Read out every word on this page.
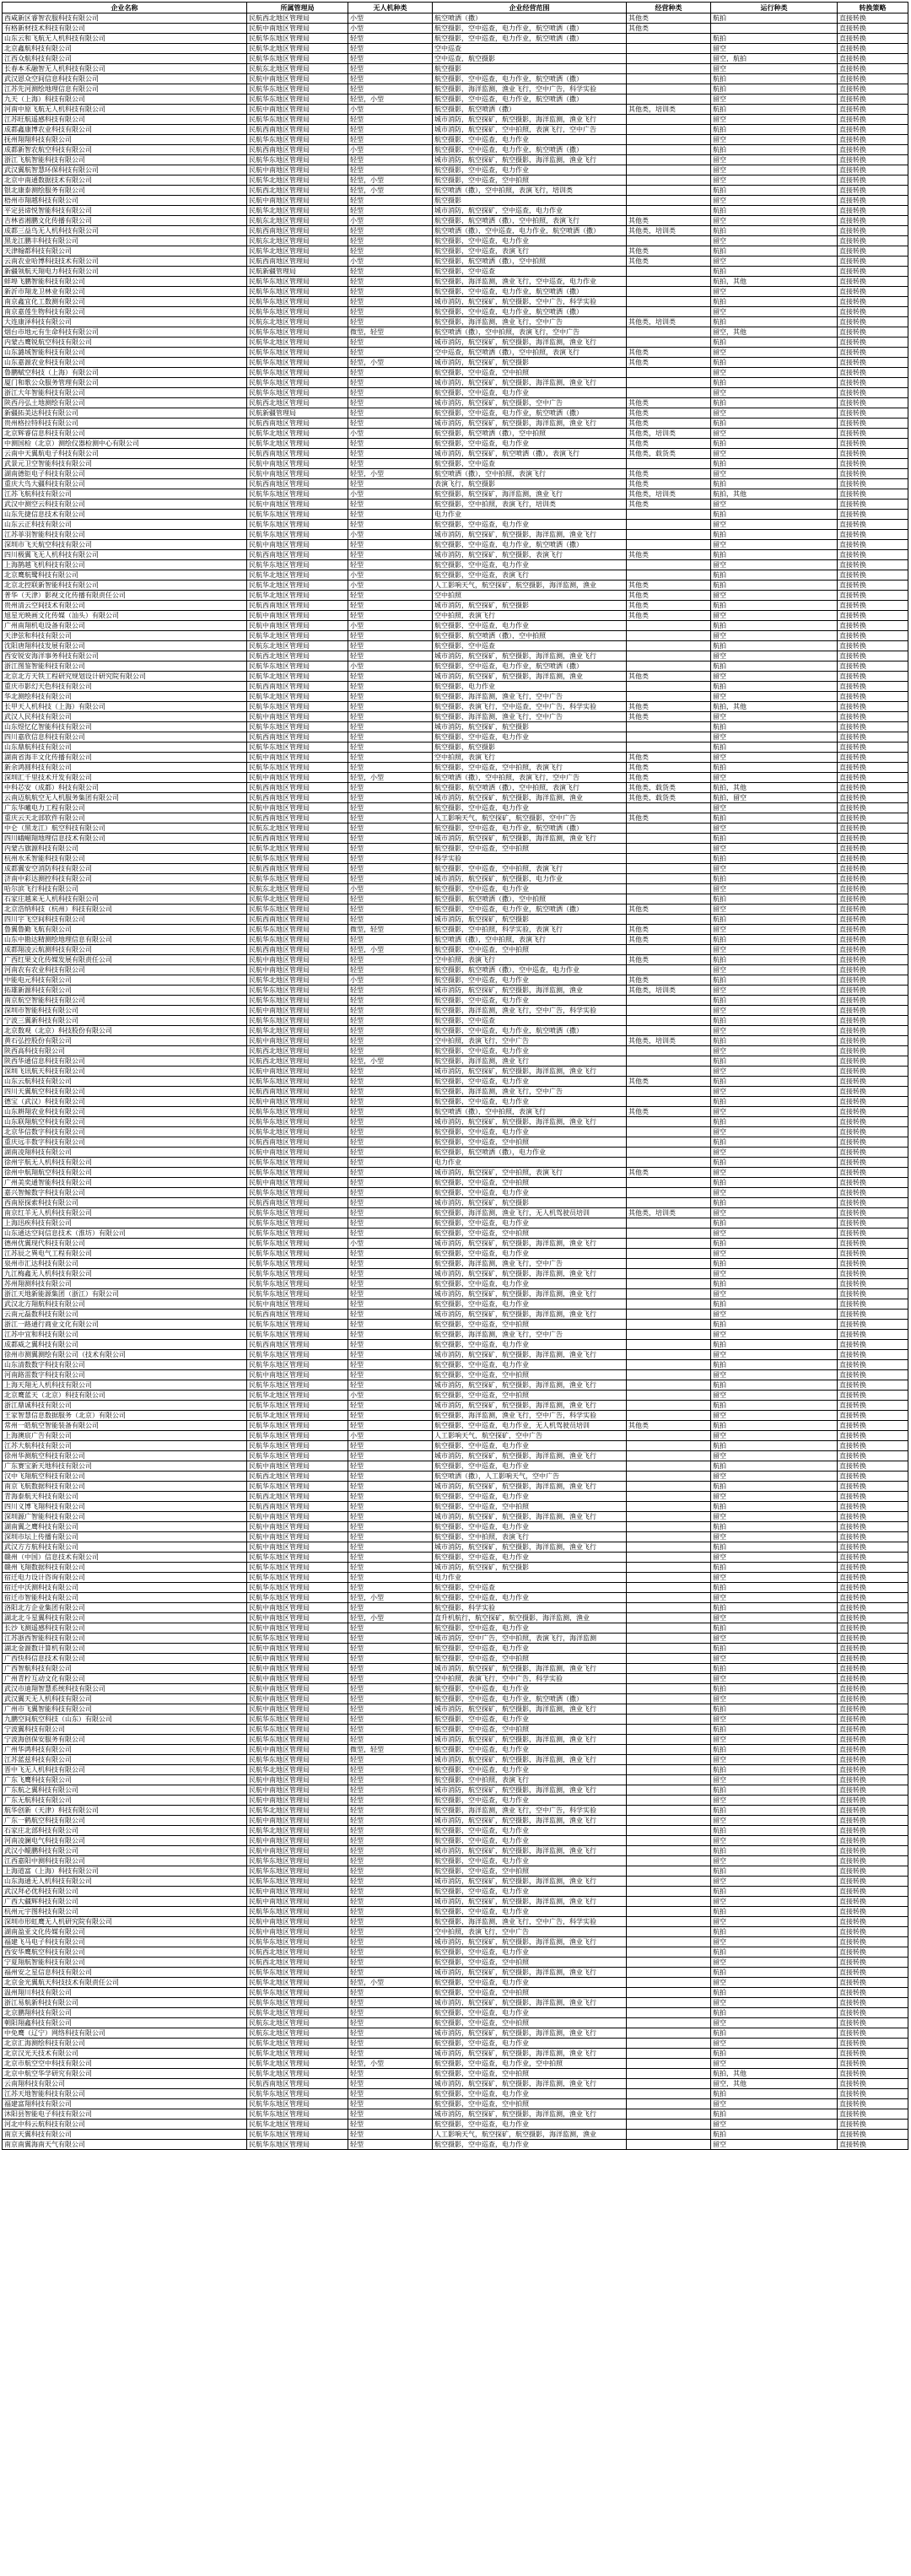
企业名称	所属管理局	无人机种类	企业经营范围	经营种类	运行种类	转换策略
西咸新区睿智农服科技有限公司	民航西北地区管理局	小型	航空喷洒（撒）	其他类	航拍	直接转换
有格新材技术科技有限公司	民航中南地区管理局	小型	航空摄影，空中巡查，电力作业，航空喷洒（撒）	其他类		直接转换
山东云和飞航无人机科技有限公司	民航华东地区管理局	轻型	航空摄影，空中巡查，电力作业，航空喷洒（撒）		航拍	直接转换
北京鑫航科技有限公司	民航华北地区管理局	轻型	空中巡查		留空	直接转换
江西众航科技有限公司	民航华东地区管理局	轻型	空中巡查，航空摄影		留空，航拍	直接转换
长春本禾融智无人机科技有限公司	民航东北地区管理局	轻型	航空摄影		留空	直接转换
武汉恩众空间信息科技有限公司	民航中南地区管理局	轻型	航空摄影，空中巡查，电力作业，航空喷洒（撒）		航拍	直接转换
江苏先河测绘地理信息有限公司	民航华东地区管理局	轻型	航空摄影，海洋监测，渔业飞行，空中广告，科学实验		航拍	直接转换
九天（上海）科技有限公司	民航华东地区管理局	轻型，小型	航空摄影，空中巡查，电力作业，航空喷洒（撒）		留空	直接转换
河南中原飞航无人机科技有限公司	民航中南地区管理局	小型	航空摄影，航空喷洒（撒）	其他类，培训类	航拍	直接转换
江苏旺航遥感科技有限公司	民航华东地区管理局	轻型	城市消防，航空探矿，航空摄影，海洋监测，渔业飞行		留空	直接转换
成都鑫康博农业科技有限公司	民航西南地区管理局	轻型	城市消防，航空探矿，空中拍照，表演飞行，空中广告		航拍	直接转换
抚州翔翔科技有限公司	民航华东地区管理局	轻型	航空摄影，空中巡查，电力作业		留空	直接转换
成都新智农航空科技有限公司	民航西南地区管理局	小型	航空摄影，空中巡查，电力作业，航空喷洒（撒）		航拍	直接转换
浙江飞航智能科技有限公司	民航华东地区管理局	轻型	城市消防，航空探矿，航空摄影，海洋监测，渔业飞行		留空	直接转换
武汉翼航智慧环保科技有限公司	民航中南地区管理局	轻型	航空摄影，空中巡查，电力作业		留空	直接转换
北京中南通数据技术有限公司	民航华北地区管理局	轻型，小型	航空摄影，空中巡查，空中拍照		留空	直接转换
银北康泰测绘服务有限公司	民航西北地区管理局	轻型，小型	航空喷洒（撒），空中拍照，表演飞行，培训类		航拍	直接转换
梧州市翔越科技有限公司	民航中南地区管理局	轻型	航空摄影		留空	直接转换
平定县谛悦智能科技有限公司	民航华北地区管理局	轻型	城市消防，航空探矿，空中巡查，电力作业		航拍	直接转换
吉林省湘鹏文化传播有限公司	民航东北地区管理局	小型	航空摄影，航空喷洒（撒），空中拍照，表演飞行	其他类	留空	直接转换
成都三益鸟无人机科技有限公司	民航西南地区管理局	轻型	航空喷洒（撒），空中巡查，电力作业，航空喷洒（撒）	其他类，培训类	航拍	直接转换
黑龙江鹏丰科技有限公司	民航东北地区管理局	轻型	航空摄影，空中巡查，电力作业		留空	直接转换
天津翰都科技有限公司	民航华北地区管理局	轻型	航空摄影，空中巡查，表演飞行	其他类	航拍	直接转换
云南农业哈博科技技术有限公司	民航西南地区管理局	小型	航空摄影，航空喷洒（撒），空中拍照	其他类	留空	直接转换
新疆领航天翔电力科技有限公司	民航新疆管理局	轻型	航空摄影，空中巡查		航拍	直接转换
蚌埠飞鹏智能科技有限公司	民航华东地区管理局	轻型	航空摄影，海洋监测，渔业飞行，空中巡查，电力作业		航拍，其他	直接转换
新沂市翔龙卫林业有限公司	民航华东地区管理局	轻型	航空摄影，空中巡查，电力作业，航空喷洒（撒）		留空	直接转换
南京鑫宜化工数测有限公司	民航华东地区管理局	轻型	城市消防，航空探矿，航空摄影，空中广告，科学实验		航拍	直接转换
南京嘉莲生物科技有限公司	民航华东地区管理局	轻型	航空摄影，空中巡查，电力作业，航空喷洒（撒）		留空	直接转换
大连康泽科技有限公司	民航东北地区管理局	轻型	航空摄影，海洋监测，渔业飞行，空中广告	其他类，培训类	航拍	直接转换
烟台市地元有生命科技有限公司	民航华东地区管理局	微型，轻型	航空喷洒（撒），空中拍照，表演飞行，空中广告		留空，其他	直接转换
内蒙古鹰锐航空科技有限公司	民航华北地区管理局	轻型	城市消防，航空探矿，航空摄影，海洋监测，渔业飞行		航拍	直接转换
山东潞域智能科技有限公司	民航华东地区管理局	轻型	空中巡查，航空喷洒（撒），空中拍照，表演飞行	其他类	留空	直接转换
山东嘉源农业科技有限公司	民航华东地区管理局	轻型，小型	城市消防，航空探矿，航空摄影	其他类	航拍	直接转换
鲁鹏赋空科技（上海）有限公司	民航华东地区管理局	轻型	航空摄影，空中巡查，空中拍照		留空	直接转换
厦门和歌公众服务管理有限公司	民航华东地区管理局	轻型	城市消防，航空探矿，航空摄影，海洋监测，渔业飞行		航拍	直接转换
浙江大年智能科技有限公司	民航华东地区管理局	轻型	航空摄影，空中巡查，电力作业		留空	直接转换
陕西丹弘土地测绘有限公司	民航西北地区管理局	轻型	城市消防，航空探矿，航空摄影，空中广告	其他类	航拍	直接转换
新疆拓美达科技有限公司	民航新疆管理局	轻型	航空摄影，空中巡查，电力作业，航空喷洒（撒）	其他类	留空	直接转换
贵州格拉特科技有限公司	民航西南地区管理局	轻型	城市消防，航空探矿，航空摄影，海洋监测，渔业飞行	其他类	航拍	直接转换
北京辉睿信息科技有限公司	民航华北地区管理局	小型	航空摄影，航空喷洒（撒），空中拍照	其他类，培训类	留空	直接转换
中测国检（北京）测绘仪器检测中心有限公司	民航华北地区管理局	轻型	航空摄影，空中巡查，电力作业	其他类	航拍	直接转换
云南中天翼航电子科技有限公司	民航西南地区管理局	轻型	城市消防，航空探矿，航空喷洒（撒），表演飞行	其他类，载货类	留空	直接转换
武景元卫空智能科技有限公司	民航中南地区管理局	轻型	航空摄影，空中巡查		航拍	直接转换
湖南德钜电子科技有限公司	民航中南地区管理局	轻型，小型	航空喷洒（撒），空中拍照，表演飞行	其他类	留空	直接转换
重庆大鸟大疆科技有限公司	民航西南地区管理局	轻型	表演飞行，航空摄影	其他类	航拍	直接转换
江苏飞航科技有限公司	民航华东地区管理局	小型	航空摄影，航空探矿，海洋监测，渔业飞行	其他类，培训类	航拍，其他	直接转换
武汉中测空云科技有限公司	民航中南地区管理局	轻型	航空摄影，空中拍照，表演飞行，培训类	其他类	留空	直接转换
山东先捷信息技术有限公司	民航华东地区管理局	轻型	电力作业		航拍	直接转换
山东云正科技有限公司	民航华东地区管理局	轻型	航空摄影，空中巡查，电力作业		留空	直接转换
江苏菲羽智能科技有限公司	民航华东地区管理局	小型	城市消防，航空探矿，航空摄影，海洋监测，渔业飞行		航拍	直接转换
深圳市飞天航空科技有限公司	民航中南地区管理局	轻型	航空摄影，空中巡查，电力作业，航空喷洒（撒）		留空	直接转换
四川极翼飞无人机科技有限公司	民航西南地区管理局	轻型	城市消防，航空探矿，航空摄影，表演飞行	其他类	航拍	直接转换
上海鹊越飞机科技有限公司	民航华东地区管理局	轻型	航空摄影，空中巡查，电力作业		留空	直接转换
北京鹰航鹭科技有限公司	民航华北地区管理局	小型	航空摄影，空中巡查，表演飞行		航拍	直接转换
北京北控联新智能科技有限公司	民航华北地区管理局	小型	人工影响天气，航空探矿，航空摄影，海洋监测，渔业	其他类	航拍	直接转换
普华（天津）影视文化传播有限责任公司	民航华北地区管理局	轻型	空中拍照	其他类	留空	直接转换
贵州清云空间技术有限公司	民航西南地区管理局	轻型	城市消防，航空探矿，航空摄影	其他类	航拍	直接转换
旭星光映画文化传媒（汕头）有限公司	民航中南地区管理局	轻型	空中拍照，表演飞行	其他类	留空	直接转换
广州南翔机电设备有限公司	民航中南地区管理局	小型	航空摄影，空中巡查，电力作业		航拍	直接转换
天津弦和科技有限公司	民航华北地区管理局	轻型	航空摄影，航空喷洒（撒），空中拍照		留空	直接转换
沈阳唐翔科技发展有限公司	民航东北地区管理局	轻型	航空摄影，空中巡查		航拍	直接转换
西安锐安海洋事务科技有限公司	民航西北地区管理局	轻型	城市消防，航空探矿，航空摄影，海洋监测，渔业飞行		留空	直接转换
浙江图鉴智能科技有限公司	民航华东地区管理局	小型	航空摄影，空中巡查，电力作业，航空喷洒（撒）		航拍	直接转换
北京北方天铁工程研究规划设计研究院有限公司	民航华北地区管理局	轻型	城市消防，航空探矿，航空摄影，海洋监测，渔业	其他类	留空	直接转换
重庆市影幻天色科技有限公司	民航西南地区管理局	轻型	航空摄影，电力作业		航拍	直接转换
华北测绘科技有限公司	民航华北地区管理局	轻型	航空摄影，海洋监测，渔业飞行，空中广告		留空	直接转换
长甲天人机科技（上海）有限公司	民航华东地区管理局	轻型	航空摄影，表演飞行，空中巡查，空中广告，科学实验	其他类	航拍，其他	直接转换
武汉人民科技有限公司	民航中南地区管理局	轻型	航空摄影，海洋监测，渔业飞行，空中广告	其他类	留空	直接转换
山东煜忆亿智能科技有限公司	民航华东地区管理局	轻型	城市消防，航空探矿，航空摄影		航拍	直接转换
四川嘉欣信息科技有限公司	民航西南地区管理局	轻型	航空摄影，空中巡查，电力作业		留空	直接转换
山东鼎航科技有限公司	民航华东地区管理局	轻型	航空摄影，航空摄影		航拍	直接转换
湖南省海丰文化传播有限公司	民航中南地区管理局	轻型	空中拍照，表演飞行	其他类	留空	直接转换
新余鸿圆科技有限公司	民航华东地区管理局	轻型	航空摄影，空中巡查，空中拍照，表演飞行	其他类	航拍	直接转换
深圳汇千里技术开发有限公司	民航中南地区管理局	轻型，小型	航空喷洒（撒），空中拍照，表演飞行，空中广告	其他类	留空	直接转换
中科芯安（成都）科技有限公司	民航西南地区管理局	轻型	航空摄影，航空喷洒（撒），空中拍照，表演飞行	其他类，载货类	航拍，其他	直接转换
云南迈航航空无人机服务集团有限公司	民航西南地区管理局	轻型	城市消防，航空探矿，航空摄影，海洋监测，渔业	其他类，载货类	航拍，留空	直接转换
广东华曦电力工程有限公司	民航中南地区管理局	轻型	航空摄影，空中巡查，电力作业		留空	直接转换
重庆云天北部软件有限公司	民航西南地区管理局	轻型	人工影响天气，航空探矿，航空摄影，空中广告	其他类	航拍	直接转换
中仑（黑龙江）航空科技有限公司	民航东北地区管理局	轻型	航空摄影，空中巡查，电力作业，航空喷洒（撒）		留空	直接转换
四川峨嵋翔地理信息技术有限公司	民航西南地区管理局	轻型	城市消防，航空探矿，航空摄影，海洋监测，渔业飞行		航拍	直接转换
内蒙古旗源科技有限公司	民航华北地区管理局	轻型	航空摄影，空中巡查，空中拍照		留空	直接转换
杭州水禾智能科技有限公司	民航华东地区管理局	轻型	科学实验		航拍	直接转换
成都翼安空消防科技有限公司	民航西南地区管理局	轻型	航空摄影，空中巡查，空中拍照，表演飞行		留空	直接转换
济南中彩达测控科技有限公司	民航华东地区管理局	轻型	城市消防，航空探矿，航空摄影，电力作业		航拍	直接转换
哈尔滨飞行科技有限公司	民航东北地区管理局	小型	航空摄影，空中巡查，电力作业		留空	直接转换
石家庄越来无人机科技有限公司	民航华北地区管理局	轻型	航空摄影，航空喷洒（撒），空中拍照		航拍	直接转换
北京浩纳科技（杭州）科技有限公司	民航华东地区管理局	轻型	航空摄影，空中巡查，电力作业，航空喷洒（撒）	其他类	留空	直接转换
四川宇飞空间科技有限公司	民航西南地区管理局	轻型	城市消防，航空探矿，航空摄影		航拍	直接转换
鲁翼鲁勤飞航有限公司	民航华东地区管理局	微型，轻型	航空摄影，空中拍照，科学实验，表演飞行	其他类	留空	直接转换
山东中勘达精测绘地理信息有限公司	民航华东地区管理局	轻型	航空喷洒（撒），空中拍照，表演飞行	其他类	航拍	直接转换
成都翔凌云航测科技有限公司	民航西南地区管理局	轻型，小型	航空摄影，空中巡查，空中拍照		留空	直接转换
广西红果文化传媒发展有限责任公司	民航中南地区管理局	轻型	空中拍照，表演飞行	其他类	航拍	直接转换
河南农有农业科技有限公司	民航中南地区管理局	轻型	航空摄影，航空喷洒（撒），空中巡查，电力作业		留空	直接转换
中能电元科技有限公司	民航华北地区管理局	小型	航空摄影，空中巡查，电力作业	其他类	航拍	直接转换
拓雄新源科技有限公司	民航华东地区管理局	轻型	城市消防，航空探矿，航空摄影，海洋监测，渔业	其他类，培训类	留空	直接转换
南京航空智能科技有限公司	民航华东地区管理局	轻型	航空摄影，空中巡查，电力作业		航拍	直接转换
深圳市智能科技有限公司	民航中南地区管理局	轻型	航空摄影，海洋监测，渔业飞行，空中广告，科学实验		留空	直接转换
宁波三翼新科技有限公司	民航华东地区管理局	轻型	航空摄影，空中巡查		航拍	直接转换
北京数观（北京）科技股份有限公司	民航华北地区管理局	轻型	航空摄影，空中巡查，电力作业，航空喷洒（撒）		留空	直接转换
黄石弘控股份有限公司	民航中南地区管理局	轻型	空中拍照，表演飞行，空中广告	其他类，培训类	航拍	直接转换
陕西高科技有限公司	民航西北地区管理局	轻型	航空摄影，空中巡查，电力作业		留空	直接转换
陕西华通信息科技有限公司	民航西北地区管理局	轻型，小型	航空摄影，海洋监测，渔业飞行		航拍	直接转换
深圳飞讯航天科技有限公司	民航中南地区管理局	轻型	城市消防，航空探矿，航空摄影，海洋监测，渔业飞行		留空	直接转换
山东云航科技有限公司	民航华东地区管理局	轻型	航空摄影，空中巡查，电力作业	其他类	航拍	直接转换
四川天翼航空科技有限公司	民航西南地区管理局	轻型	航空摄影，海洋监测，渔业飞行，空中广告		留空	直接转换
德宝（武汉）科技有限公司	民航中南地区管理局	轻型	航空摄影，空中巡查，电力作业		航拍	直接转换
山东耕翔农业科技有限公司	民航华东地区管理局	轻型	航空喷洒（撒），空中拍照，表演飞行	其他类	留空	直接转换
山东联翔航空科技有限公司	民航华东地区管理局	轻型	城市消防，航空探矿，航空摄影，海洋监测，渔业飞行		航拍	直接转换
北京华信数字科技有限公司	民航华北地区管理局	轻型	航空摄影，空中巡查，电力作业		留空	直接转换
重庆远丰数字科技有限公司	民航西南地区管理局	轻型	航空摄影，空中巡查，空中拍照		航拍	直接转换
湖南凌翔科技有限公司	民航中南地区管理局	轻型	航空摄影，航空喷洒（撒），电力作业		留空	直接转换
徐州宇航无人机科技有限公司	民航华东地区管理局	轻型	电力作业		航拍	直接转换
徐州中航翔航空科技有限公司	民航华东地区管理局	轻型	城市消防，航空探矿，空中拍照，表演飞行	其他类	留空	直接转换
广州美奕通智能科技有限公司	民航中南地区管理局	轻型	航空摄影，空中巡查，空中拍照		航拍	直接转换
嘉兴智鲸数字科技有限公司	民航华东地区管理局	轻型	航空摄影，空中巡查，电力作业		留空	直接转换
西南原探索科技有限公司	民航西南地区管理局	轻型	城市消防，航空探矿，航空摄影		航拍	直接转换
南京红羊无人机科技有限公司	民航华东地区管理局	轻型	航空摄影，海洋监测，渔业飞行，无人机驾驶员培训	其他类，培训类	留空	直接转换
上海迅疾科技有限公司	民航华东地区管理局	轻型	航空摄影，空中巡查，电力作业		航拍	直接转换
山东通达空间信息技术（淮坊）有限公司	民航华东地区管理局	轻型	航空摄影，空中巡查，空中拍照		留空	直接转换
德州优翼现代科技有限公司	民航华东地区管理局	小型	城市消防，航空探矿，航空摄影，海洋监测，渔业飞行		航拍	直接转换
江苏辰之巽电气工程有限公司	民航华东地区管理局	轻型	航空摄影，空中巡查，电力作业		留空	直接转换
泉州市汇达科技有限公司	民航华东地区管理局	轻型	航空摄影，海洋监测，渔业飞行，空中广告		航拍	直接转换
九江梅鑫无人机科技有限公司	民航华东地区管理局	轻型	城市消防，航空探矿，航空摄影，海洋监测，渔业飞行		留空	直接转换
苏州翔测科技有限公司	民航华东地区管理局	轻型	航空摄影，空中巡查，电力作业		航拍	直接转换
浙江天地新能源集团（浙江）有限公司	民航华东地区管理局	轻型	城市消防，航空探矿，航空摄影，海洋监测，渔业飞行		留空	直接转换
武汉北方翔航科技有限公司	民航中南地区管理局	轻型	航空摄影，空中巡查，电力作业		航拍	直接转换
云南元磊数科技有限公司	民航西南地区管理局	轻型	城市消防，航空探矿，航空摄影，海洋监测，渔业飞行		留空	直接转换
浙江一路通行商业文化有限公司	民航华东地区管理局	轻型	航空摄影，空中巡查，空中拍照		航拍	直接转换
江苏中宜和科技有限公司	民航华东地区管理局	轻型	航空摄影，海洋监测，渔业飞行，空中广告		留空	直接转换
成都威之翼科技有限公司	民航西南地区管理局	轻型	航空摄影，空中巡查，电力作业		航拍	直接转换
徐州市测翼测绘有限公司（技术有限公司	民航华东地区管理局	轻型	城市消防，航空探矿，航空摄影，海洋监测，渔业飞行		留空	直接转换
山东清数数字科技有限公司	民航华东地区管理局	轻型	航空摄影，空中巡查，电力作业		航拍	直接转换
河南路雷数字科技有限公司	民航中南地区管理局	轻型	航空摄影，空中巡查，空中拍照		留空	直接转换
上海天翔无人机科技有限公司	民航华东地区管理局	轻型	城市消防，航空探矿，航空摄影，海洋监测，渔业飞行		航拍	直接转换
北京鹰蓝天（北京）科技有限公司	民航华北地区管理局	小型	航空摄影，空中巡查，空中拍照		留空	直接转换
浙江鼎诚科技有限公司	民航华东地区管理局	轻型	城市消防，航空探矿，航空摄影，海洋监测，渔业飞行		航拍	直接转换
王家智慧信息数据服务（北京）有限公司	民航华北地区管理局	轻型	航空摄影，海洋监测，渔业飞行，空中广告，科学实验		留空	直接转换
常州一皓航空智能装备有限公司	民航华东地区管理局	轻型	航空摄影，空中巡查，电力作业，无人机驾驶员培训	其他类	航拍	直接转换
上海澳宸广告有限公司	民航华东地区管理局	小型	人工影响天气，航空探矿，空中广告		留空	直接转换
江苏大航科技有限公司	民航华东地区管理局	轻型	航空摄影，空中巡查，电力作业		航拍	直接转换
徐州华测航空科技有限公司	民航华东地区管理局	轻型	城市消防，航空探矿，航空摄影，海洋监测，渔业飞行		留空	直接转换
广东赛宝新天地科技有限公司	民航中南地区管理局	轻型	航空摄影，空中巡查，电力作业		航拍	直接转换
汉中飞翔航空科技有限公司	民航西北地区管理局	轻型	航空喷洒（撒），人工影响天气，空中广告		留空	直接转换
南京飞航数据科技有限公司	民航华东地区管理局	轻型	城市消防，航空探矿，航空摄影，海洋监测，渔业飞行		航拍	直接转换
青海泰航天科技有限公司	民航西北地区管理局	轻型	航空摄影，空中巡查，电力作业		留空	直接转换
四川义博飞翔科技有限公司	民航西南地区管理局	轻型	航空摄影，空中巡查，空中拍照		航拍	直接转换
深圳源广智能科技有限公司	民航中南地区管理局	轻型	城市消防，航空探矿，航空摄影，海洋监测，渔业飞行		留空	直接转换
湖南翼之鹰科技有限公司	民航中南地区管理局	轻型	航空摄影，空中巡查，电力作业		航拍	直接转换
深圳市坛上传播有限公司	民航中南地区管理局	轻型	航空摄影，空中拍照，表演飞行		留空	直接转换
武汉方方航科技有限公司	民航中南地区管理局	轻型	城市消防，航空探矿，航空摄影，海洋监测，渔业飞行		航拍	直接转换
赣州（中国）信息技术有限公司	民航华东地区管理局	轻型	航空摄影，空中巡查，电力作业		留空	直接转换
赣州飞翔数据科技有限公司	民航华东地区管理局	轻型	城市消防，航空探矿，航空摄影		航拍	直接转换
宿迁电力设计咨询有限公司	民航华东地区管理局	轻型	电力作业		留空	直接转换
宿迁中沃测科技有限公司	民航华东地区管理局	轻型	航空摄影，空中巡查		航拍	直接转换
宿迁市智能科技有限公司	民航华东地区管理局	轻型，小型	航空摄影，空中巡查，电力作业		留空	直接转换
洛阳北方企业集团有限公司	民航中南地区管理局	轻型	航空摄影，科学实验		航拍	直接转换
湖北北斗星翼科技有限公司	民航中南地区管理局	轻型，小型	直升机航行，航空探矿，航空摄影，海洋监测，渔业		留空	直接转换
长沙飞测遥感科技有限公司	民航中南地区管理局	轻型	航空摄影，空中巡查，电力作业		航拍	直接转换
江苏浙西智能科技有限公司	民航华东地区管理局	轻型	城市消防，空中广告，空中拍照，表演飞行，海洋监测		留空	直接转换
湖北金源数计算机有限公司	民航中南地区管理局	轻型	航空摄影，空中巡查，电力作业		航拍	直接转换
广西快科信息技术有限公司	民航中南地区管理局	轻型	航空摄影，空中巡查，空中拍照		留空	直接转换
广西智航科技有限公司	民航中南地区管理局	轻型	城市消防，航空探矿，航空摄影，海洋监测，渔业飞行		航拍	直接转换
广州青柠互动文化有限公司	民航中南地区管理局	轻型	空中拍照，表演飞行，空中广告，科学实验		留空	直接转换
武汉市迪翔智慧系统科技有限公司	民航中南地区管理局	轻型	航空摄影，空中巡查，电力作业		航拍	直接转换
武汉翼天无人机科技有限公司	民航中南地区管理局	轻型	航空摄影，空中巡查，电力作业，航空喷洒（撒）		留空	直接转换
广州市飞翼智能科技有限公司	民航中南地区管理局	轻型	城市消防，航空探矿，航空摄影，海洋监测，渔业飞行		航拍	直接转换
九鹏空间航空科技（山东）有限公司	民航华东地区管理局	轻型	航空摄影，空中巡查，电力作业		留空	直接转换
宁波翼科技有限公司	民航华东地区管理局	轻型	航空摄影，空中巡查，空中拍照		航拍	直接转换
宁波海创保安服务有限公司	民航华东地区管理局	轻型	城市消防，航空探矿，航空摄影，海洋监测，渔业飞行		留空	直接转换
广州华鸿科技有限公司	民航中南地区管理局	微型，轻型	航空摄影，空中巡查，电力作业		航拍	直接转换
江苏蓝兹科技有限公司	民航华东地区管理局	轻型	城市消防，航空探矿，航空摄影，海洋监测，渔业飞行		留空	直接转换
晋中飞无人机科技有限公司	民航华北地区管理局	轻型	航空摄影，空中巡查，电力作业		航拍	直接转换
广东飞鹰科技有限公司	民航中南地区管理局	轻型	航空摄影，空中拍照，表演飞行		留空	直接转换
广东航之翼科技有限公司	民航中南地区管理局	轻型	城市消防，航空探矿，航空摄影，海洋监测，渔业飞行		航拍	直接转换
广东无航科技有限公司	民航中南地区管理局	轻型	航空摄影，空中巡查，电力作业		留空	直接转换
航华创新（天津）科技有限公司	民航华北地区管理局	轻型	航空摄影，海洋监测，渔业飞行，空中广告，科学实验		航拍	直接转换
广东一鹤航空科技有限公司	民航中南地区管理局	轻型	城市消防，航空探矿，航空摄影，海洋监测，渔业飞行		留空	直接转换
石家庄北部科技有限公司	民航华北地区管理局	轻型	航空摄影，空中巡查，电力作业		航拍	直接转换
河南凌澜电气科技有限公司	民航中南地区管理局	轻型	航空摄影，空中巡查，电力作业		留空	直接转换
武汉小鲲鹏科技有限公司	民航中南地区管理局	轻型	城市消防，航空探矿，航空摄影，海洋监测，渔业飞行		航拍	直接转换
江西嘉阳中测科技有限公司	民航华东地区管理局	轻型	航空摄影，空中巡查，电力作业		留空	直接转换
上海道富（上海）科技有限公司	民航华东地区管理局	轻型	航空摄影，空中巡查，空中拍照		航拍	直接转换
山东海通无人机科技有限公司	民航华东地区管理局	轻型	城市消防，航空探矿，航空摄影，海洋监测，渔业飞行		留空	直接转换
武汉拜必优科技有限公司	民航中南地区管理局	轻型	航空摄影，空中巡查，电力作业		航拍	直接转换
广西大疆辉科技有限公司	民航中南地区管理局	轻型	城市消防，航空探矿，航空摄影，海洋监测，渔业飞行		留空	直接转换
杭州元宇图科技有限公司	民航华东地区管理局	轻型	航空摄影，空中巡查，电力作业		航拍	直接转换
深圳市形虹鹰无人机研究院有限公司	民航中南地区管理局	轻型	航空摄影，海洋监测，渔业飞行，空中广告，科学实验		留空	直接转换
湖南盈亚文化传媒有限公司	民航中南地区管理局	轻型	空中拍照，表演飞行，空中广告		航拍	直接转换
福建飞马电子科技有限公司	民航华东地区管理局	轻型	城市消防，航空探矿，航空摄影，海洋监测，渔业飞行		留空	直接转换
西安华鹰航空科技有限公司	民航西北地区管理局	轻型	航空摄影，空中巡查，电力作业		航拍	直接转换
宁夏翔航智能科技有限公司	民航西北地区管理局	轻型	航空摄影，空中巡查，空中拍照		留空	直接转换
福州安之星信息科技有限公司	民航华东地区管理局	轻型	城市消防，航空探矿，航空摄影，海洋监测，渔业飞行		航拍	直接转换
北京金光翼航天科技技术有限责任公司	民航华北地区管理局	轻型，小型	航空摄影，空中巡查，电力作业		留空	直接转换
温州翔川科技有限公司	民航华东地区管理局	轻型	航空摄影，空中巡查，空中拍照		航拍	直接转换
浙江易航新科技有限公司	民航华东地区管理局	轻型	城市消防，航空探矿，航空摄影，海洋监测，渔业飞行		留空	直接转换
北京鹏翔科技有限公司	民航华北地区管理局	轻型	航空摄影，空中巡查，电力作业		航拍	直接转换
朝阳翔鑫科技有限公司	民航东北地区管理局	轻型	航空摄影，空中巡查，空中拍照		留空	直接转换
中免鹰（辽宁）网络科技有限公司	民航东北地区管理局	轻型	城市消防，航空探矿，航空摄影，海洋监测，渔业飞行		航拍	直接转换
北京汇海测绘科技有限公司	民航华北地区管理局	轻型	航空摄影，空中巡查，电力作业		留空	直接转换
北京汉光天技术有限公司	民航华北地区管理局	轻型	城市消防，航空探矿，航空摄影，海洋监测，渔业飞行		航拍	直接转换
北京市航空空中科技有限公司	民航华北地区管理局	轻型，小型	航空摄影，空中巡查，电力作业，空中拍照		留空	直接转换
北京中航空华学研究有限公司	民航华北地区管理局	轻型	航空摄影，空中巡查，空中拍照		航拍，其他	直接转换
云南翔科技有限公司	民航西南地区管理局	轻型	城市消防，航空探矿，航空摄影，海洋监测，渔业飞行		留空，其他	直接转换
江苏天地智能科技有限公司	民航华东地区管理局	轻型	航空摄影，空中巡查，电力作业		航拍	直接转换
福建富翔科技有限公司	民航华东地区管理局	轻型	航空摄影，空中巡查，空中拍照		留空	直接转换
沐阳县智能电子科技有限公司	民航华东地区管理局	轻型	城市消防，航空探矿，航空摄影，海洋监测，渔业飞行		航拍	直接转换
河北中科云航科技有限公司	民航华北地区管理局	轻型	航空摄影，空中巡查，电力作业		留空	直接转换
南京天翼科技有限公司	民航华东地区管理局	轻型	人工影响天气，航空探矿，航空摄影，海洋监测，渔业		航拍	直接转换
南京南翼海南天气有限公司	民航华东地区管理局	轻型	航空摄影，空中巡查，电力作业		留空	直接转换
